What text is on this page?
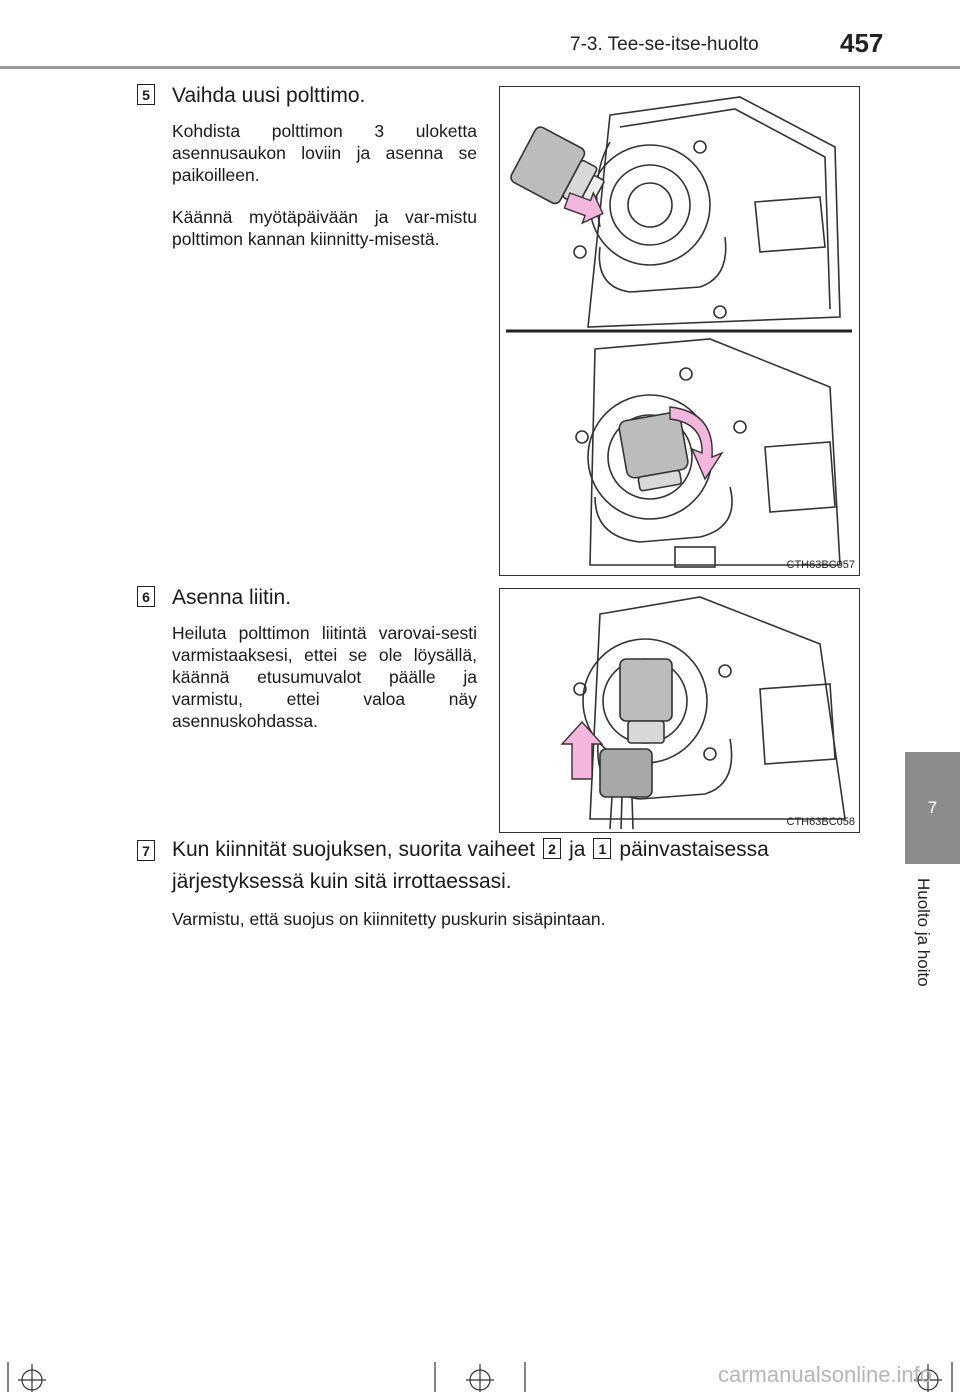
7-3. Tee-se-itse-huolto	457
7
Huolto ja hoito
5 Vaihda uusi polttimo.
Kohdista polttimon 3 uloketta asennusaukon loviin ja asenna se paikoilleen.
Käännä myötäpäivään ja var-mistu polttimon kannan kiinnitty-misestä.
CTH63BC057
6 Asenna liitin.
Heiluta polttimon liitintä varovai-sesti varmistaaksesi, ettei se ole löysällä, käännä etusumuvalot päälle ja varmistu, ettei valoa näy asennuskohdassa.
CTH63BC058
7 Kun kiinnität suojuksen, suorita vaiheet 2 ja 1 päinvastaisessa
järjestyksessä kuin sitä irrottaessasi.
Varmistu, että suojus on kiinnitetty puskurin sisäpintaan.
carmanualsonline.info
